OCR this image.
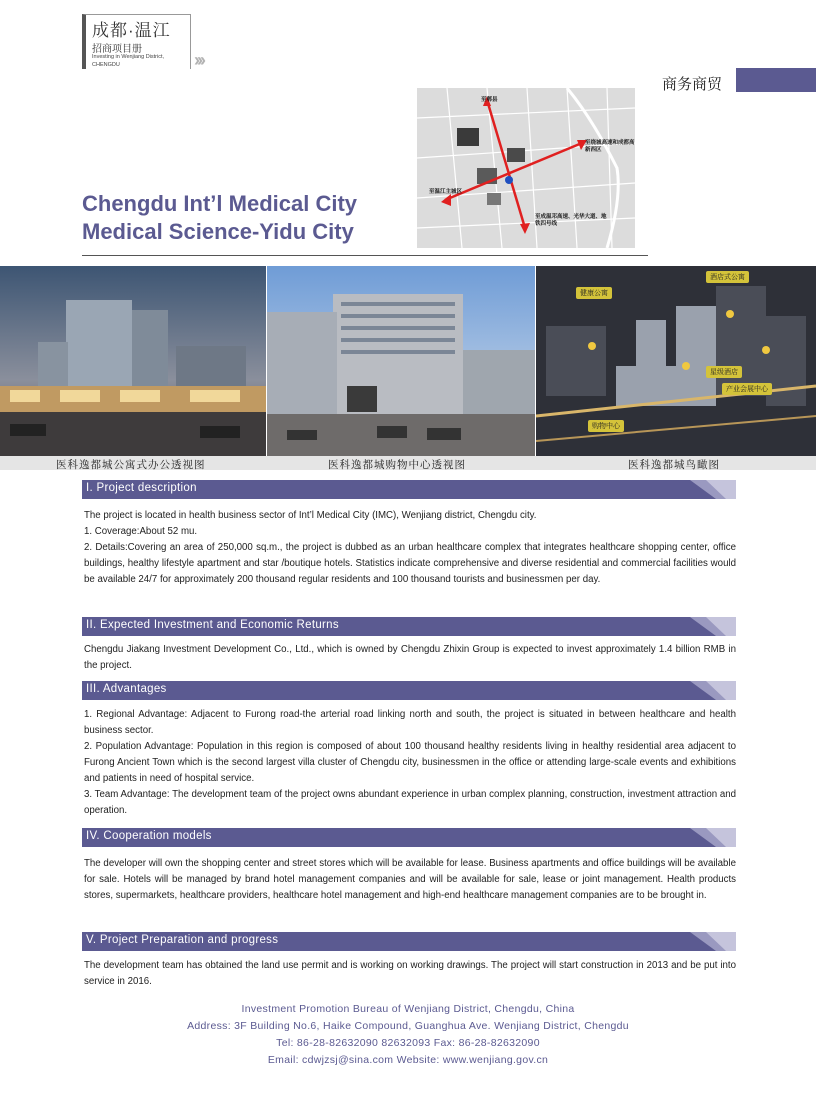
成都·温江
招商项目册
Investing in Wenjiang District,
CHENGDU	›››
商务商贸
至郫县
至绕城高速和成都高新西区
至温江主城区
至成温邛高速、光华大道、地铁四号线
Chengdu Int’l Medical City
Medical Science-Yidu City
健康公寓
酒店式公寓
星级酒店
产业会展中心
购物中心
医科逸都城公寓式办公透视图	医科逸都城购物中心透视图	医科逸都城鸟瞰图
I. Project description

The project is located in health business sector of Int’l Medical City (IMC), Wenjiang district, Chengdu city.

1. Coverage:About 52 mu.

2. Details:Covering an area of 250,000 sq.m., the project is dubbed as an urban healthcare complex that integrates healthcare shopping center, office buildings, healthy lifestyle apartment and star /boutique hotels. Statistics indicate comprehensive and diverse residential and commercial facilities would be available 24/7 for approximately 200 thousand regular residents and 100 thousand tourists and businessmen per day.

II. Expected Investment and Economic Returns

Chengdu Jiakang Investment Development Co., Ltd., which is owned by Chengdu Zhixin Group is expected to invest approximately 1.4 billion RMB in the project.

III. Advantages

1. Regional Advantage: Adjacent to Furong road-the arterial road linking north and south, the project is situated in between healthcare and health business sector.

2. Population Advantage: Population in this region is composed of about 100 thousand healthy residents living in healthy residential area adjacent to Furong Ancient Town which is the second largest villa cluster of Chengdu city, businessmen in the office or attending large-scale events and exhibitions and patients in need of hospital service.

3. Team Advantage: The development team of the project owns abundant experience in urban complex planning, construction, investment attraction and operation.

IV. Cooperation models

The developer will own the shopping center and street stores which will be available for lease. Business apartments and office buildings will be available for sale. Hotels will be managed by brand hotel management companies and will be available for sale, lease or joint management. Health products stores, supermarkets, healthcare providers, healthcare hotel management and high-end healthcare management companies are to be brought in.

V. Project Preparation and progress

The development team has obtained the land use permit and is working on working drawings. The project will start construction in 2013 and be put into service in 2016.

Investment Promotion Bureau of Wenjiang District, Chengdu, China
Address: 3F Building No.6, Haike Compound, Guanghua Ave. Wenjiang District, Chengdu
Tel: 86-28-82632090 82632093 Fax: 86-28-82632090
Email: cdwjzsj@sina.com Website: www.wenjiang.gov.cn
